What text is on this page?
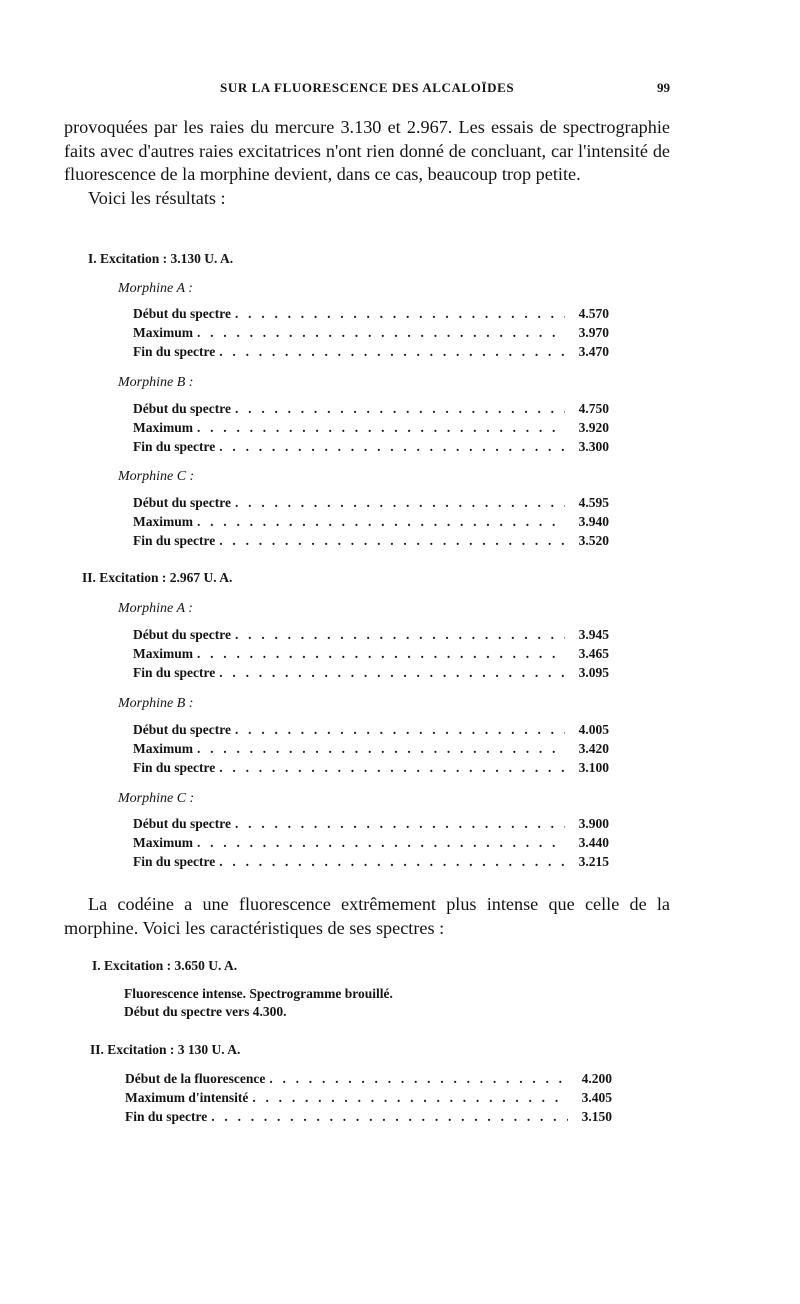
SUR LA FLUORESCENCE DES ALCALOÏDES	99

provoquées par les raies du mercure 3.130 et 2.967. Les essais de spectrographie faits avec d'autres raies excitatrices n'ont rien donné de concluant, car l'intensité de fluorescence de la morphine devient, dans ce cas, beaucoup trop petite.

Voici les résultats :

I. Excitation : 3.130 U. A.
Morphine A :
Début du spectre . . .	4.570
Maximum . . .	3.970
Fin du spectre . . .	3.470
Morphine B :
Début du spectre . . .	4.750
Maximum . . .	3.920
Fin du spectre . . .	3.300
Morphine C :
Début du spectre . . .	4.595
Maximum . . .	3.940
Fin du spectre . . .	3.520
II. Excitation : 2.967 U. A.
Morphine A :
Début du spectre . . .	3.945
Maximum . . .	3.465
Fin du spectre . . .	3.095
Morphine B :
Début du spectre . . .	4.005
Maximum . . .	3.420
Fin du spectre . . .	3.100
Morphine C :
Début du spectre . . .	3.900
Maximum . . .	3.440
Fin du spectre . . .	3.215

La codéine a une fluorescence extrêmement plus intense que celle de la morphine. Voici les caractéristiques de ses spectres :

I. Excitation : 3.650 U. A.
Fluorescence intense. Spectrogramme brouillé.
Début du spectre vers 4.300.
II. Excitation : 3 130 U. A.
Début de la fluorescence . . .	4.200
Maximum d'intensité . . .	3.405
Fin du spectre . . .	3.150
